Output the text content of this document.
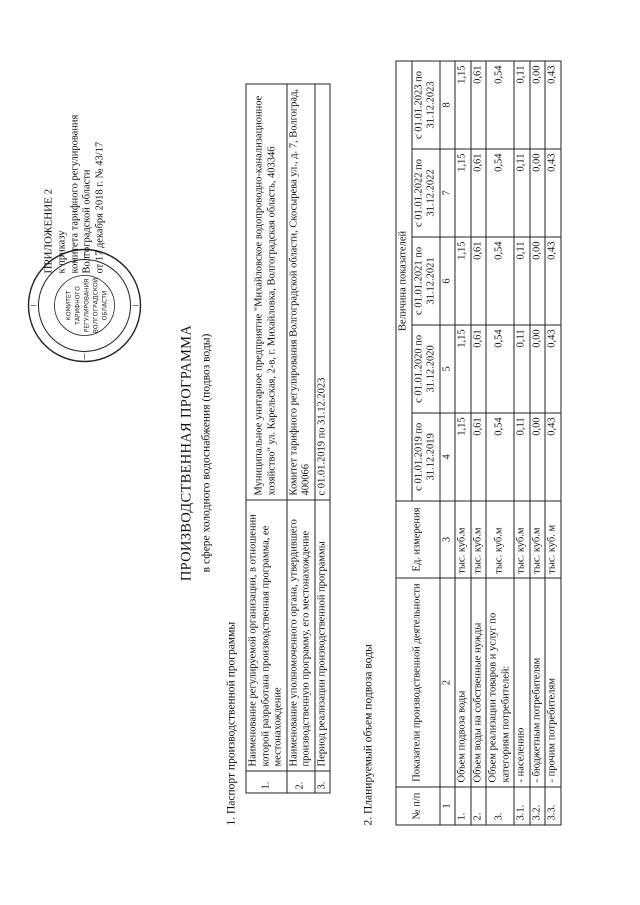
ПРИЛОЖЕНИЕ 2 к приказу комитета тарифного регулирования Волгоградской области от 17 декабря 2018 г. № 43/17
КОМИТЕТ ТАРИФНОГО РЕГУЛИРОВАНИЯ ВОЛГОГРАДСКОЙ ОБЛАСТИ
ПРОИЗВОДСТВЕННАЯ ПРОГРАММА в сфере холодного водоснабжения (подвоз воды)
1. Паспорт производственной программы 1.	Наименование регулируемой организации, в отношении которой разработана производственная программа, ее местонахождение	Муниципальное унитарное предприятие "Михайловское водопроводно-канализационное хозяйство" ул. Карельская, 2-в, г. Михайловка, Волгоградская область, 403346
2.	Наименование уполномоченного органа, утвердившего производственную программу, его местонахождение	Комитет тарифного регулирования Волгоградской области, Скосырева ул., д. 7, Волгоград, 400066
3.	Период реализации производственной программы	с 01.01.2019 по 31.12.2023
2. Планируемый объем подвоза воды	№ п/п	Показатели производственной деятельности	Ед. измерения	Величина показателей				
			с 01.01.2019 по 31.12.2019	с 01.01.2020 по 31.12.2020	с 01.01.2021 по 31.12.2021	с 01.01.2022 по 31.12.2022	с 01.01.2023 по 31.12.2023
1	2	3	4	5	6	7	8
1.	Объем подвоза воды	тыс. куб.м	1,15	1,15	1,15	1,15	1,15
2.	Объем воды на собственные нужды	тыс. куб.м	0,61	0,61	0,61	0,61	0,61
3.	Объем реализации товаров и услуг по категориям потребителей:	тыс. куб.м	0,54	0,54	0,54	0,54	0,54
3.1.	- населению	тыс. куб.м	0,11	0,11	0,11	0,11	0,11
3.2.	- бюджетным потребителям	тыс. куб.м	0,00	0,00	0,00	0,00	0,00
3.3.	- прочим потребителям	тыс. куб. м	0,43	0,43	0,43	0,43	0,43
